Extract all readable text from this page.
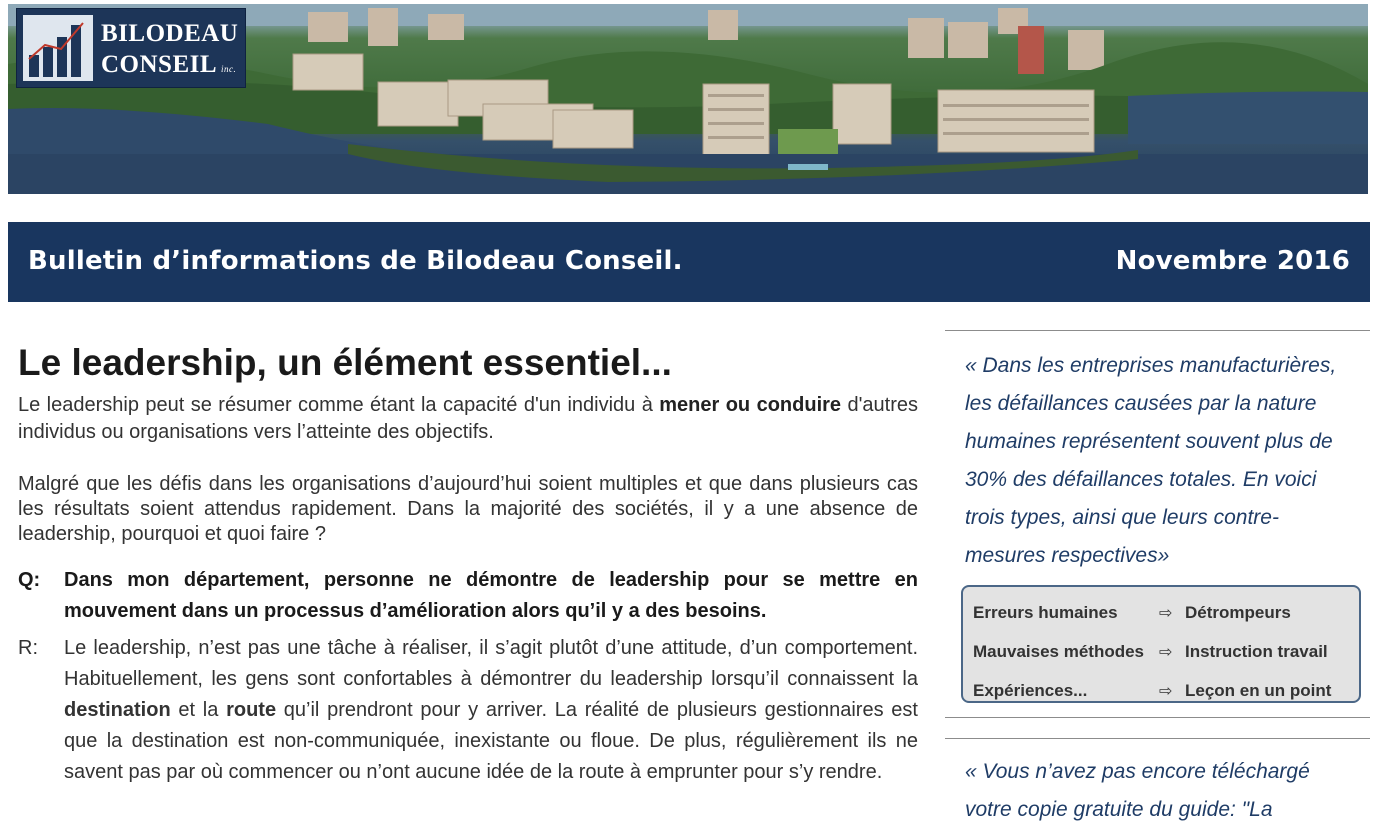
BILODEAU
CONSEIL inc.
Bulletin d’informations de Bilodeau Conseil.	Novembre 2016
Le leadership, un élément essentiel...
Le leadership peut se résumer comme étant la capacité d'un individu à mener ou conduire d'autres individus ou organisations vers l’atteinte des objectifs.
Malgré que les défis dans les organisations d’aujourd’hui soient multiples et que dans plusieurs cas les résultats soient attendus rapidement. Dans la majorité des sociétés, il y a une absence de leadership, pourquoi et quoi faire ?
Q:	Dans mon département, personne ne démontre de leadership pour se mettre en mouvement dans un processus d’amélioration alors qu’il y a des besoins.
R:	Le leadership, n’est pas une tâche à réaliser, il s’agit plutôt d’une attitude, d’un comportement. Habituellement, les gens sont confortables à démontrer du leadership lorsqu’il connaissent la destination et la route qu’il prendront pour y arriver. La réalité de plusieurs gestionnaires est que la destination est non-communiquée, inexistante ou floue. De plus, régulièrement ils ne savent pas par où commencer ou n’ont aucune idée de la route à emprunter pour s’y rendre.
« Dans les entreprises manufacturières, les défaillances causées par la nature humaines représentent souvent plus de 30% des défaillances totales. En voici trois types, ainsi que leurs contre-mesures respectives»
Erreurs humaines	⇨ Détrompeurs
Mauvaises méthodes ⇨ Instruction travail
Expériences...	⇨ Leçon en un point
« Vous n’avez pas encore téléchargé votre copie gratuite du guide: "La
